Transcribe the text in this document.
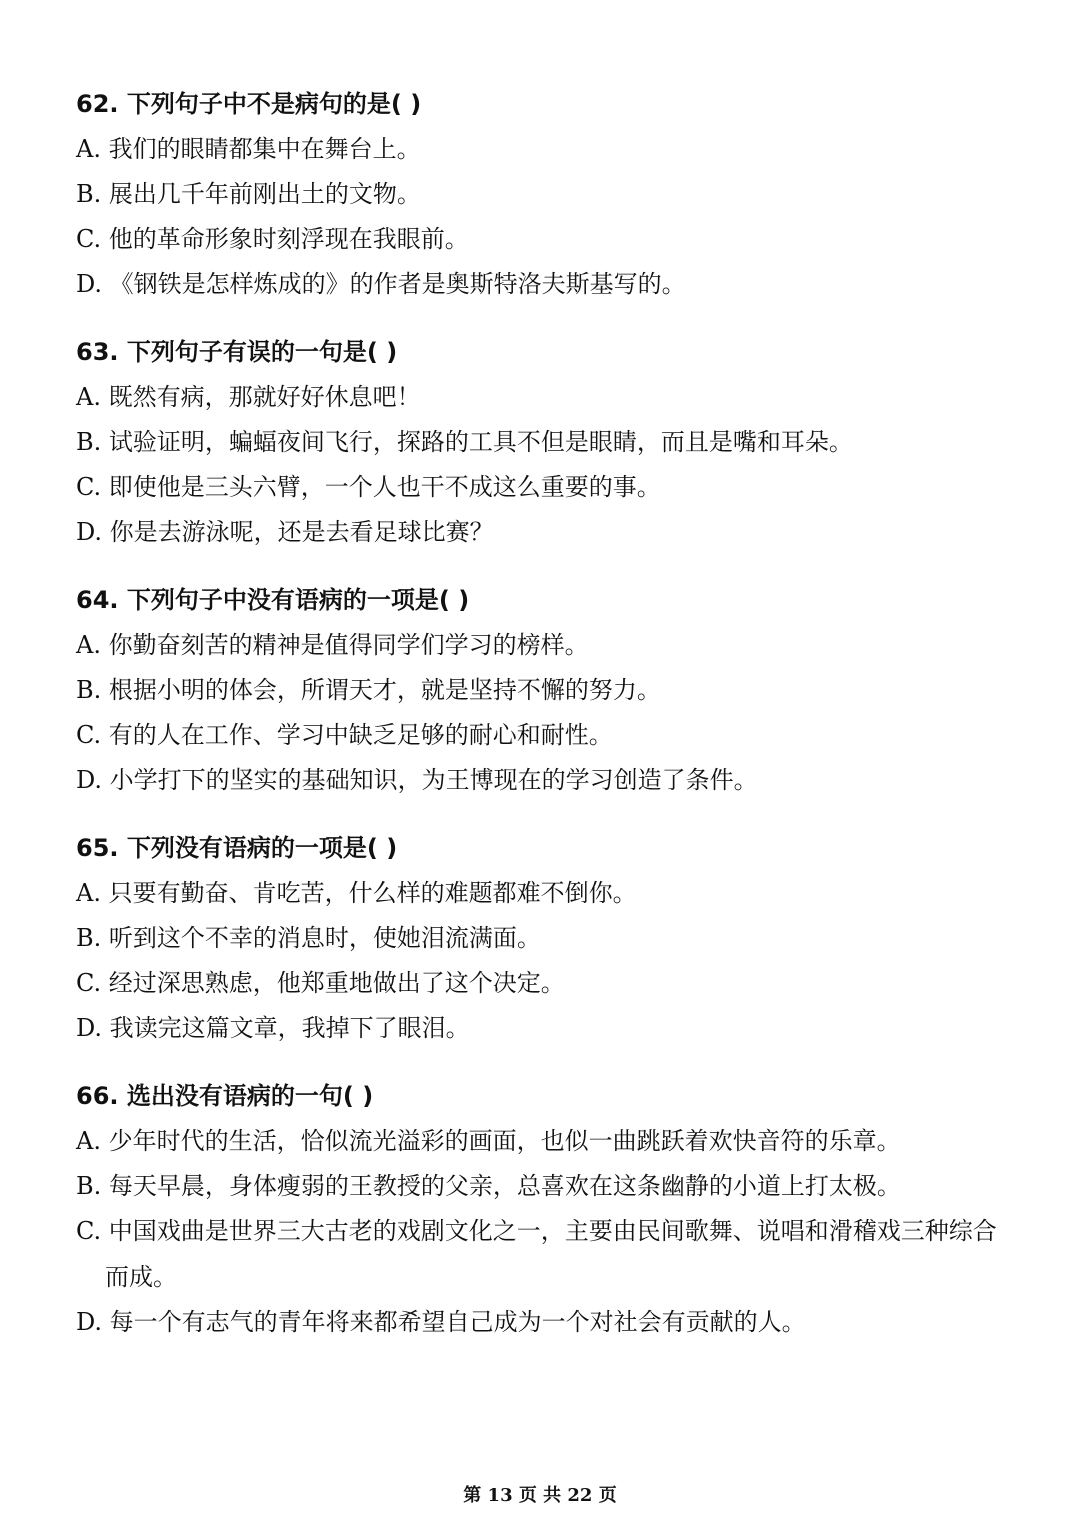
62. 下列句子中不是病句的是( )
A. 我们的眼睛都集中在舞台上。
B. 展出几千年前刚出土的文物。
C. 他的革命形象时刻浮现在我眼前。
D. 《钢铁是怎样炼成的》的作者是奥斯特洛夫斯基写的。
63. 下列句子有误的一句是( )
A. 既然有病，那就好好休息吧！
B. 试验证明，蝙蝠夜间飞行，探路的工具不但是眼睛，而且是嘴和耳朵。
C. 即使他是三头六臂，一个人也干不成这么重要的事。
D. 你是去游泳呢，还是去看足球比赛？
64. 下列句子中没有语病的一项是( )
A. 你勤奋刻苦的精神是值得同学们学习的榜样。
B. 根据小明的体会，所谓天才，就是坚持不懈的努力。
C. 有的人在工作、学习中缺乏足够的耐心和耐性。
D. 小学打下的坚实的基础知识，为王博现在的学习创造了条件。
65. 下列没有语病的一项是( )
A. 只要有勤奋、肯吃苦，什么样的难题都难不倒你。
B. 听到这个不幸的消息时，使她泪流满面。
C. 经过深思熟虑，他郑重地做出了这个决定。
D. 我读完这篇文章，我掉下了眼泪。
66. 选出没有语病的一句( )
A. 少年时代的生活，恰似流光溢彩的画面，也似一曲跳跃着欢快音符的乐章。
B. 每天早晨，身体瘦弱的王教授的父亲，总喜欢在这条幽静的小道上打太极。
C. 中国戏曲是世界三大古老的戏剧文化之一，主要由民间歌舞、说唱和滑稽戏三种综合而成。
D. 每一个有志气的青年将来都希望自己成为一个对社会有贡献的人。
第 13 页 共 22 页
